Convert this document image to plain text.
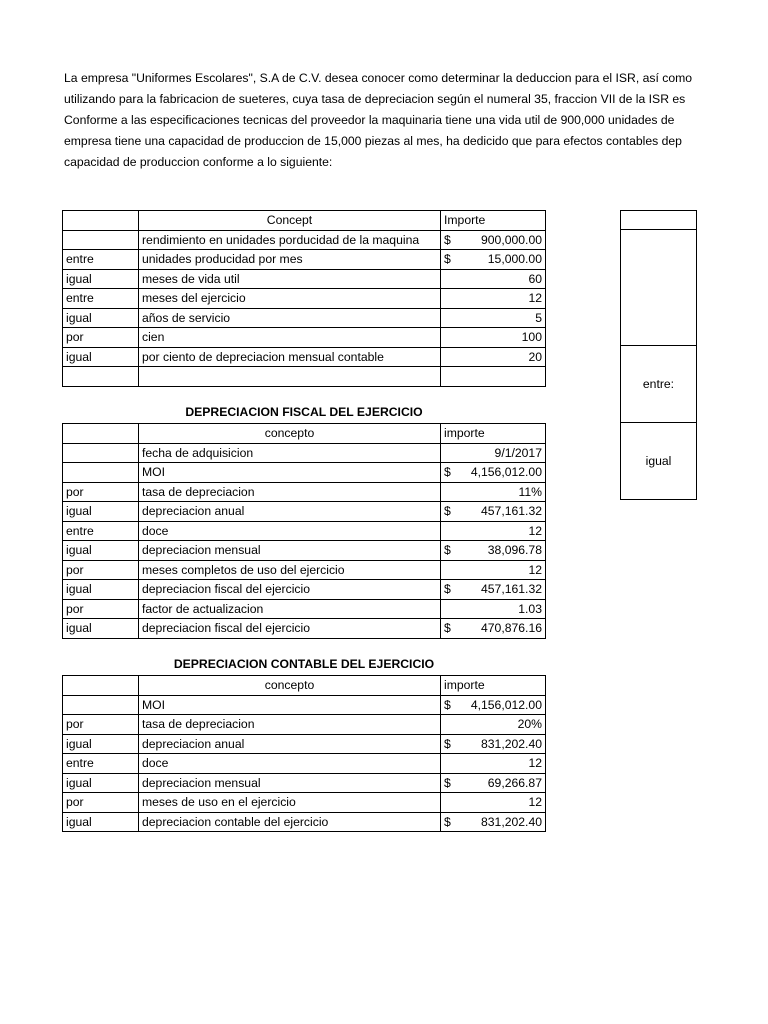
La empresa "Uniformes Escolares", S.A de C.V. desea conocer como determinar la deduccion para el ISR, así como
utilizando para la fabricacion de sueteres, cuya tasa de depreciacion según el numeral 35, fraccion VII de la ISR es
Conforme a las especificaciones tecnicas del proveedor la maquinaria tiene una vida util de 900,000 unidades de
empresa tiene una capacidad de produccion de 15,000 piezas al mes, ha dedicido que para efectos contables dep
capacidad de produccion conforme a lo siguiente:
	Concept	Importe
	rendimiento en unidades porducidad de la maquina	$ 900,000.00

entre	unidades producidad por mes	$ 15,000.00

igual	meses de vida util	60

entre	meses del ejercicio	12

igual	años de servicio	5

por	cien	100

igual	por ciento de depreciacion mensual contable	20

DEPRECIACION FISCAL DEL EJERCICIO
	concepto	importe
	fecha de adquisicion	9/1/2017

	MOI	$ 4,156,012.00

por	tasa de depreciacion	11%

igual	depreciacion anual	$ 457,161.32

entre	doce	12

igual	depreciacion mensual	$ 38,096.78

por	meses completos de uso del ejercicio	12

igual	depreciacion fiscal del ejercicio	$ 457,161.32

por	factor de actualizacion	1.03

igual	depreciacion fiscal del ejercicio	$ 470,876.16
DEPRECIACION CONTABLE DEL EJERCICIO
	concepto	importe
	MOI	$ 4,156,012.00

por	tasa de depreciacion	20%

igual	depreciacion anual	$ 831,202.40

entre	doce	12

igual	depreciacion mensual	$ 69,266.87

por	meses de uso en el ejercicio	12

igual	depreciacion contable del ejercicio	$ 831,202.40
entre:
igual
